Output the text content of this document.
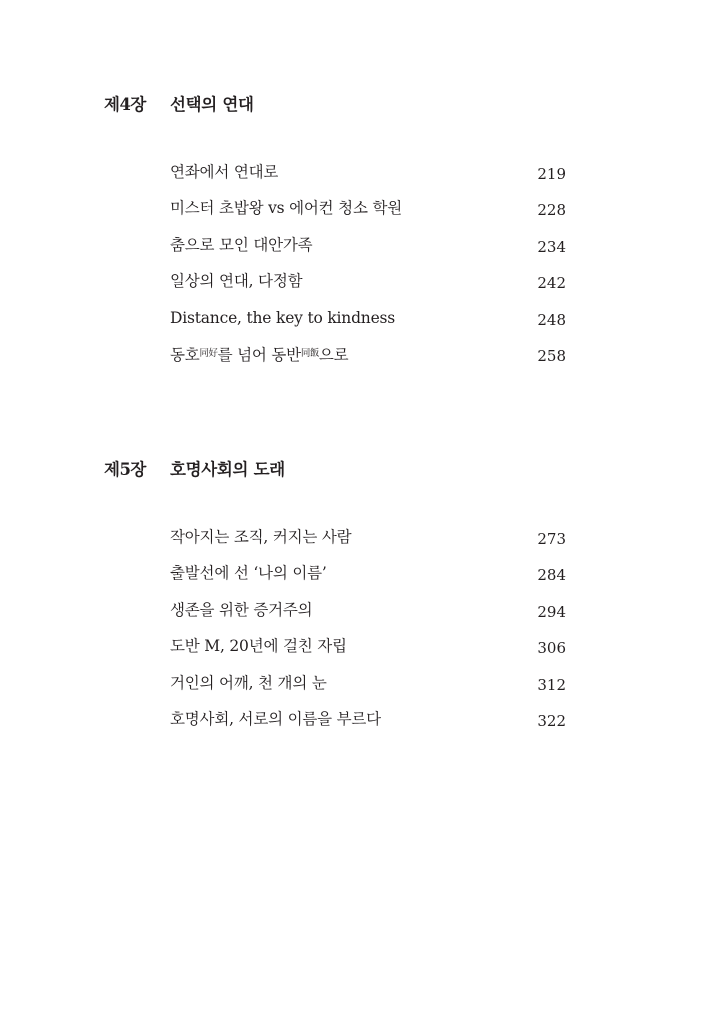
제4장 선택의 연대
연좌에서 연대로	219
미스터 초밥왕 vs 에어컨 청소 학원	228
춤으로 모인 대안가족	234
일상의 연대, 다정함	242
Distance, the key to kindness	248
동호$^{同好}$를 넘어 동반$^{同飯}$으로	258
제5장 호명사회의 도래
작아지는 조직, 커지는 사람	273
출발선에 선 ‘나의 이름’	284
생존을 위한 증거주의	294
도반 M, 20년에 걸친 자립	306
거인의 어깨, 천 개의 눈	312
호명사회, 서로의 이름을 부르다	322
